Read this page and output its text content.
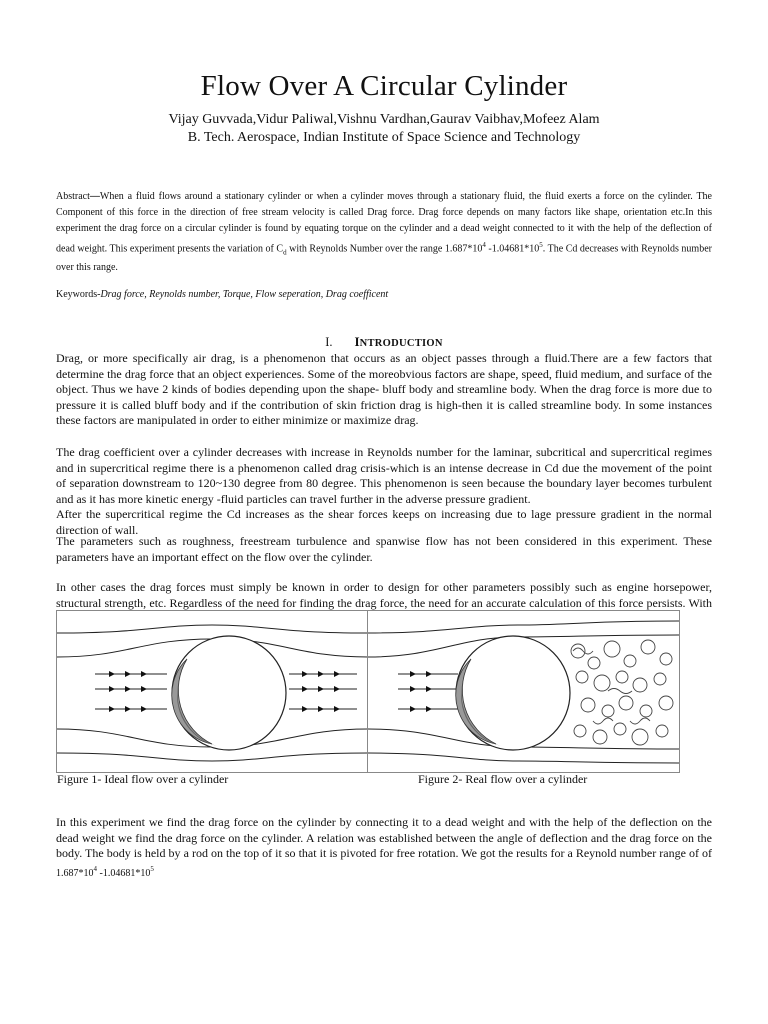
Flow Over A Circular Cylinder
Vijay Guvvada,Vidur Paliwal,Vishnu Vardhan,Gaurav Vaibhav,Mofeez Alam
B. Tech. Aerospace, Indian Institute of Space Science and Technology
Abstract—When a fluid flows around a stationary cylinder or when a cylinder moves through a stationary fluid, the fluid exerts a force on the cylinder. The Component of this force in the direction of free stream velocity is called Drag force. Drag force depends on many factors like shape, orientation etc.In this experiment the drag force on a circular cylinder is found by equating torque on the cylinder and a dead weight connected to it with the help of the deflection of dead weight. This experiment presents the variation of $C_d$ with Reynolds Number over the range $1.687*10^4$ $-1.04681*10^5$. The Cd decreases with Reynolds number over this range.
Keywords-Drag force, Reynolds number, Torque, Flow seperation, Drag coefficent
I. INTRODUCTION
Drag, or more specifically air drag, is a phenomenon that occurs as an object passes through a fluid.There are a few factors that determine the drag force that an object experiences. Some of the moreobvious factors are shape, speed, fluid medium, and surface of the object. Thus we have 2 kinds of bodies depending upon the shape- bluff body and streamline body. When the drag force is more due to pressure it is called bluff body and if the contribution of skin friction drag is high-then it is called streamline body. In some instances these factors are manipulated in order to either minimize or maximize drag.
The drag coefficient over a cylinder decreases with increase in Reynolds number for the laminar, subcritical and supercritical regimes and in supercritical regime there is a phenomenon called drag crisis-which is an intense decrease in Cd due the movement of the point of separation downstream to 120~130 degree from 80 degree. This phenomenon is seen because the boundary layer becomes turbulent and as it has more kinetic energy -fluid particles can travel further in the adverse pressure gradient.
After the supercritical regime the Cd increases as the shear forces keeps on increasing due to lage pressure gradient in the normal direction of wall.
The parameters such as roughness, freestream turbulence and spanwise flow has not been considered in this experiment. These parameters have an important effect on the flow over the cylinder.
In other cases the drag forces must simply be known in order to design for other parameters possibly such as engine horsepower, structural strength, etc. Regardless of the need for finding the drag force, the need for an accurate calculation of this force persists. With
Figure 1- Ideal flow over a cylinder	Figure 2- Real flow over a cylinder
In this experiment we find the drag force on the cylinder by connecting it to a dead weight and with the help of the deflection on the dead weight we find the drag force on the cylinder. A relation was established between the angle of deflection and the drag force on the body. The body is held by a rod on the top of it so that it is pivoted for free rotation. We got the results for a Reynold number range of of $1.687*10^4$ $-1.04681*10^5$
